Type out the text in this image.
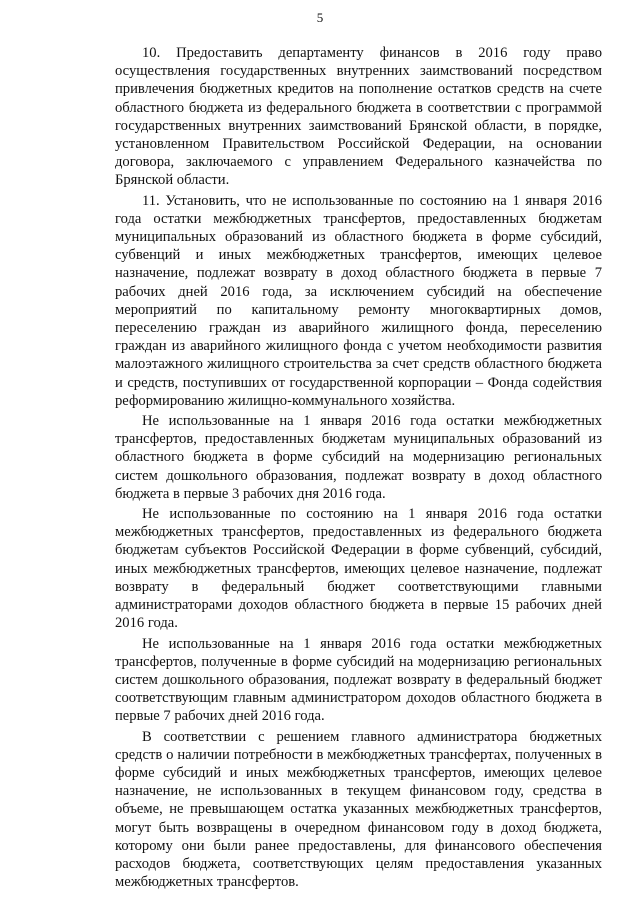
5

10. Предоставить департаменту финансов в 2016 году право осуществления государственных внутренних заимствований посредством привлечения бюджетных кредитов на пополнение остатков средств на счете областного бюджета из федерального бюджета в соответствии с программой государственных внутренних заимствований Брянской области, в порядке, установленном Правительством Российской Федерации, на основании договора, заключаемого с управлением Федерального казначейства по Брянской области.

11. Установить, что не использованные по состоянию на 1 января 2016 года остатки межбюджетных трансфертов, предоставленных бюджетам муниципальных образований из областного бюджета в форме субсидий, субвенций и иных межбюджетных трансфертов, имеющих целевое назначение, подлежат возврату в доход областного бюджета в первые 7 рабочих дней 2016 года, за исключением субсидий на обеспечение мероприятий по капитальному ремонту многоквартирных домов, переселению граждан из аварийного жилищного фонда, переселению граждан из аварийного жилищного фонда с учетом необходимости развития малоэтажного жилищного строительства за счет средств областного бюджета и средств, поступивших от государственной корпорации – Фонда содействия реформированию жилищно-коммунального хозяйства.

Не использованные на 1 января 2016 года остатки межбюджетных трансфертов, предоставленных бюджетам муниципальных образований из областного бюджета в форме субсидий на модернизацию региональных систем дошкольного образования, подлежат возврату в доход областного бюджета в первые 3 рабочих дня 2016 года.

Не использованные по состоянию на 1 января 2016 года остатки межбюджетных трансфертов, предоставленных из федерального бюджета бюджетам субъектов Российской Федерации в форме субвенций, субсидий, иных межбюджетных трансфертов, имеющих целевое назначение, подлежат возврату в федеральный бюджет соответствующими главными администраторами доходов областного бюджета в первые 15 рабочих дней 2016 года.

Не использованные на 1 января 2016 года остатки межбюджетных трансфертов, полученные в форме субсидий на модернизацию региональных систем дошкольного образования, подлежат возврату в федеральный бюджет соответствующим главным администратором доходов областного бюджета в первые 7 рабочих дней 2016 года.

В соответствии с решением главного администратора бюджетных средств о наличии потребности в межбюджетных трансфертах, полученных в форме субсидий и иных межбюджетных трансфертов, имеющих целевое назначение, не использованных в текущем финансовом году, средства в объеме, не превышающем остатка указанных межбюджетных трансфертов, могут быть возвращены в очередном финансовом году в доход бюджета, которому они были ранее предоставлены, для финансового обеспечения расходов бюджета, соответствующих целям предоставления указанных межбюджетных трансфертов.
